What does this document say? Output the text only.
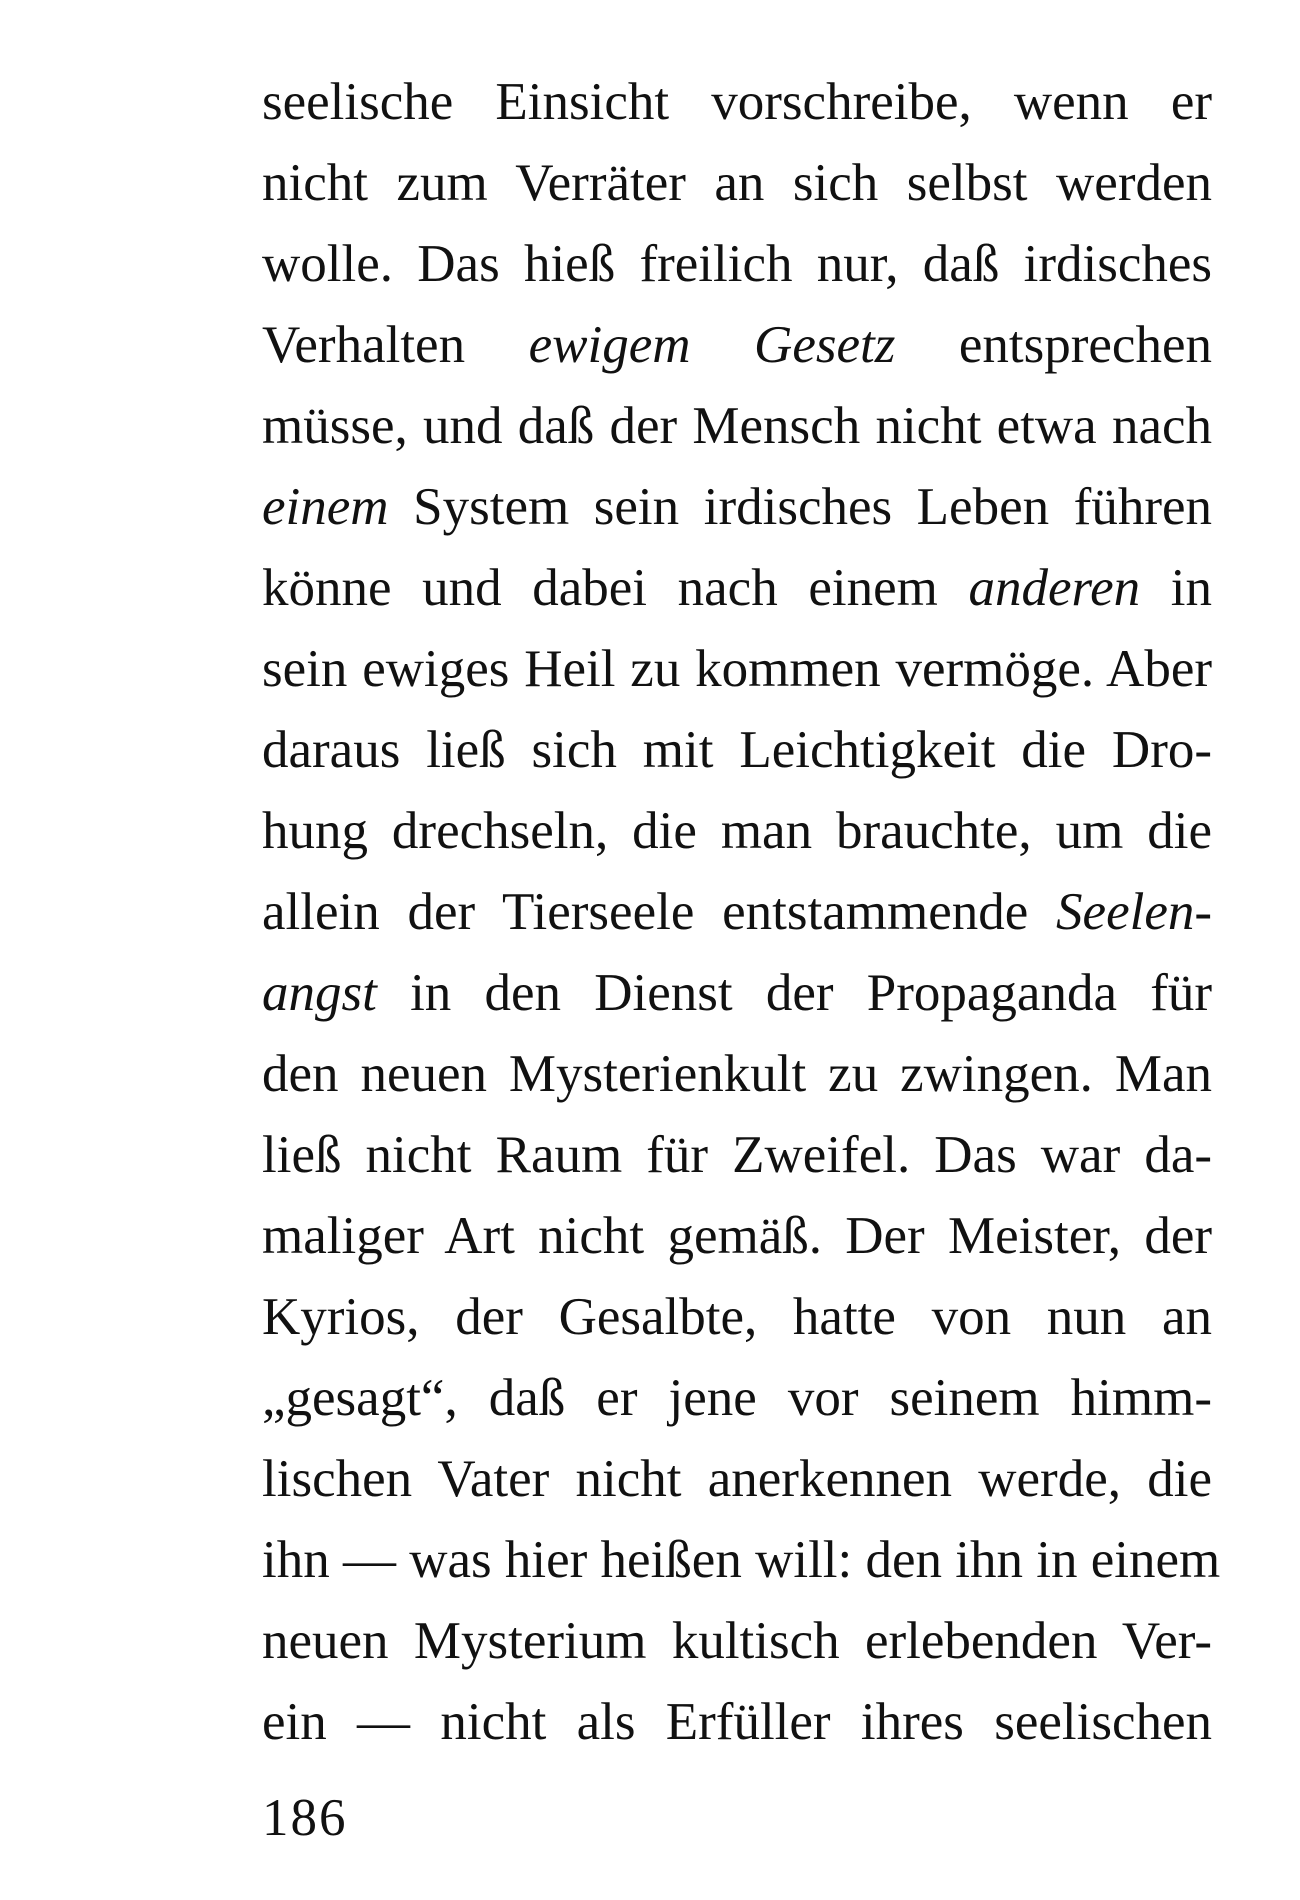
seelische Einsicht vorschreibe, wenn er
nicht zum Verräter an sich selbst werden
wolle. Das hieß freilich nur, daß irdisches
Verhalten ewigem Gesetz entsprechen
müsse, und daß der Mensch nicht etwa nach
einem System sein irdisches Leben führen
könne und dabei nach einem anderen in
sein ewiges Heil zu kommen vermöge. Aber
daraus ließ sich mit Leichtigkeit die Dro-
hung drechseln, die man brauchte, um die
allein der Tierseele entstammende Seelen-
angst in den Dienst der Propaganda für
den neuen Mysterienkult zu zwingen. Man
ließ nicht Raum für Zweifel. Das war da-
maliger Art nicht gemäß. Der Meister, der
Kyrios, der Gesalbte, hatte von nun an
„gesagt“, daß er jene vor seinem himm-
lischen Vater nicht anerkennen werde, die
ihn — was hier heißen will: den ihn in einem
neuen Mysterium kultisch erlebenden Ver-
ein — nicht als Erfüller ihres seelischen
186
